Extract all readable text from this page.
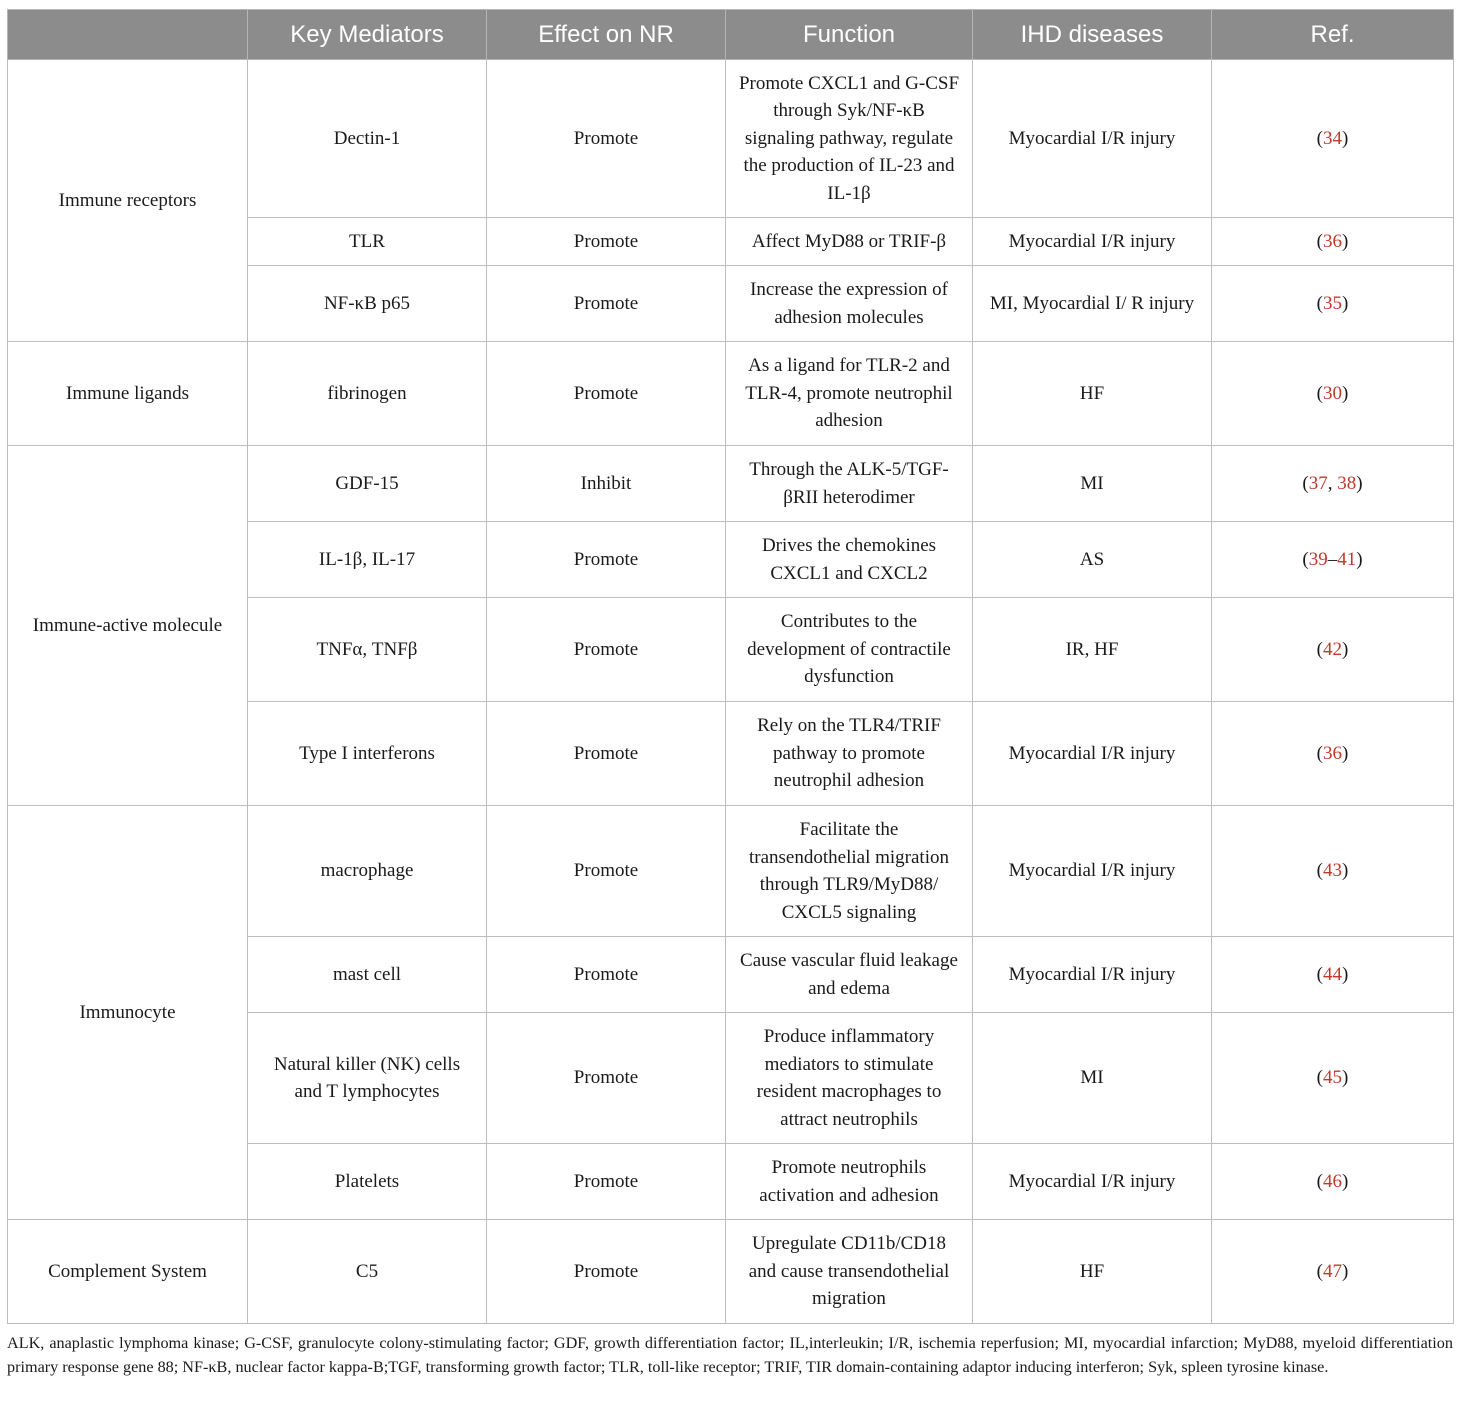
	Key Mediators	Effect on NR	Function	IHD diseases	Ref.
Immune receptors	Dectin-1	Promote	Promote CXCL1 and G-CSF through Syk/NF-κB signaling pathway, regulate the production of IL-23 and IL-1β	Myocardial I/R injury	(34)
	TLR	Promote	Affect MyD88 or TRIF-β	Myocardial I/R injury	(36)
	NF-κB p65	Promote	Increase the expression of adhesion molecules	MI, Myocardial I/ R injury	(35)
Immune ligands	fibrinogen	Promote	As a ligand for TLR-2 and TLR-4, promote neutrophil adhesion	HF	(30)
Immune-active molecule	GDF-15	Inhibit	Through the ALK-5/TGF-βRII heterodimer	MI	(37, 38)
	IL-1β, IL-17	Promote	Drives the chemokines CXCL1 and CXCL2	AS	(39–41)
	TNFα, TNFβ	Promote	Contributes to the development of contractile dysfunction	IR, HF	(42)
	Type I interferons	Promote	Rely on the TLR4/TRIF pathway to promote neutrophil adhesion	Myocardial I/R injury	(36)
Immunocyte	macrophage	Promote	Facilitate the transendothelial migration through TLR9/MyD88/ CXCL5 signaling	Myocardial I/R injury	(43)
	mast cell	Promote	Cause vascular fluid leakage and edema	Myocardial I/R injury	(44)
	Natural killer (NK) cells and T lymphocytes	Promote	Produce inflammatory mediators to stimulate resident macrophages to attract neutrophils	MI	(45)
	Platelets	Promote	Promote neutrophils activation and adhesion	Myocardial I/R injury	(46)
Complement System	C5	Promote	Upregulate CD11b/CD18 and cause transendothelial migration	HF	(47)

ALK, anaplastic lymphoma kinase; G-CSF, granulocyte colony-stimulating factor; GDF, growth differentiation factor; IL,interleukin; I/R, ischemia reperfusion; MI, myocardial infarction; MyD88, myeloid differentiation primary response gene 88; NF-κB, nuclear factor kappa-B;TGF, transforming growth factor; TLR, toll-like receptor; TRIF, TIR domain-containing adaptor inducing interferon; Syk, spleen tyrosine kinase.
